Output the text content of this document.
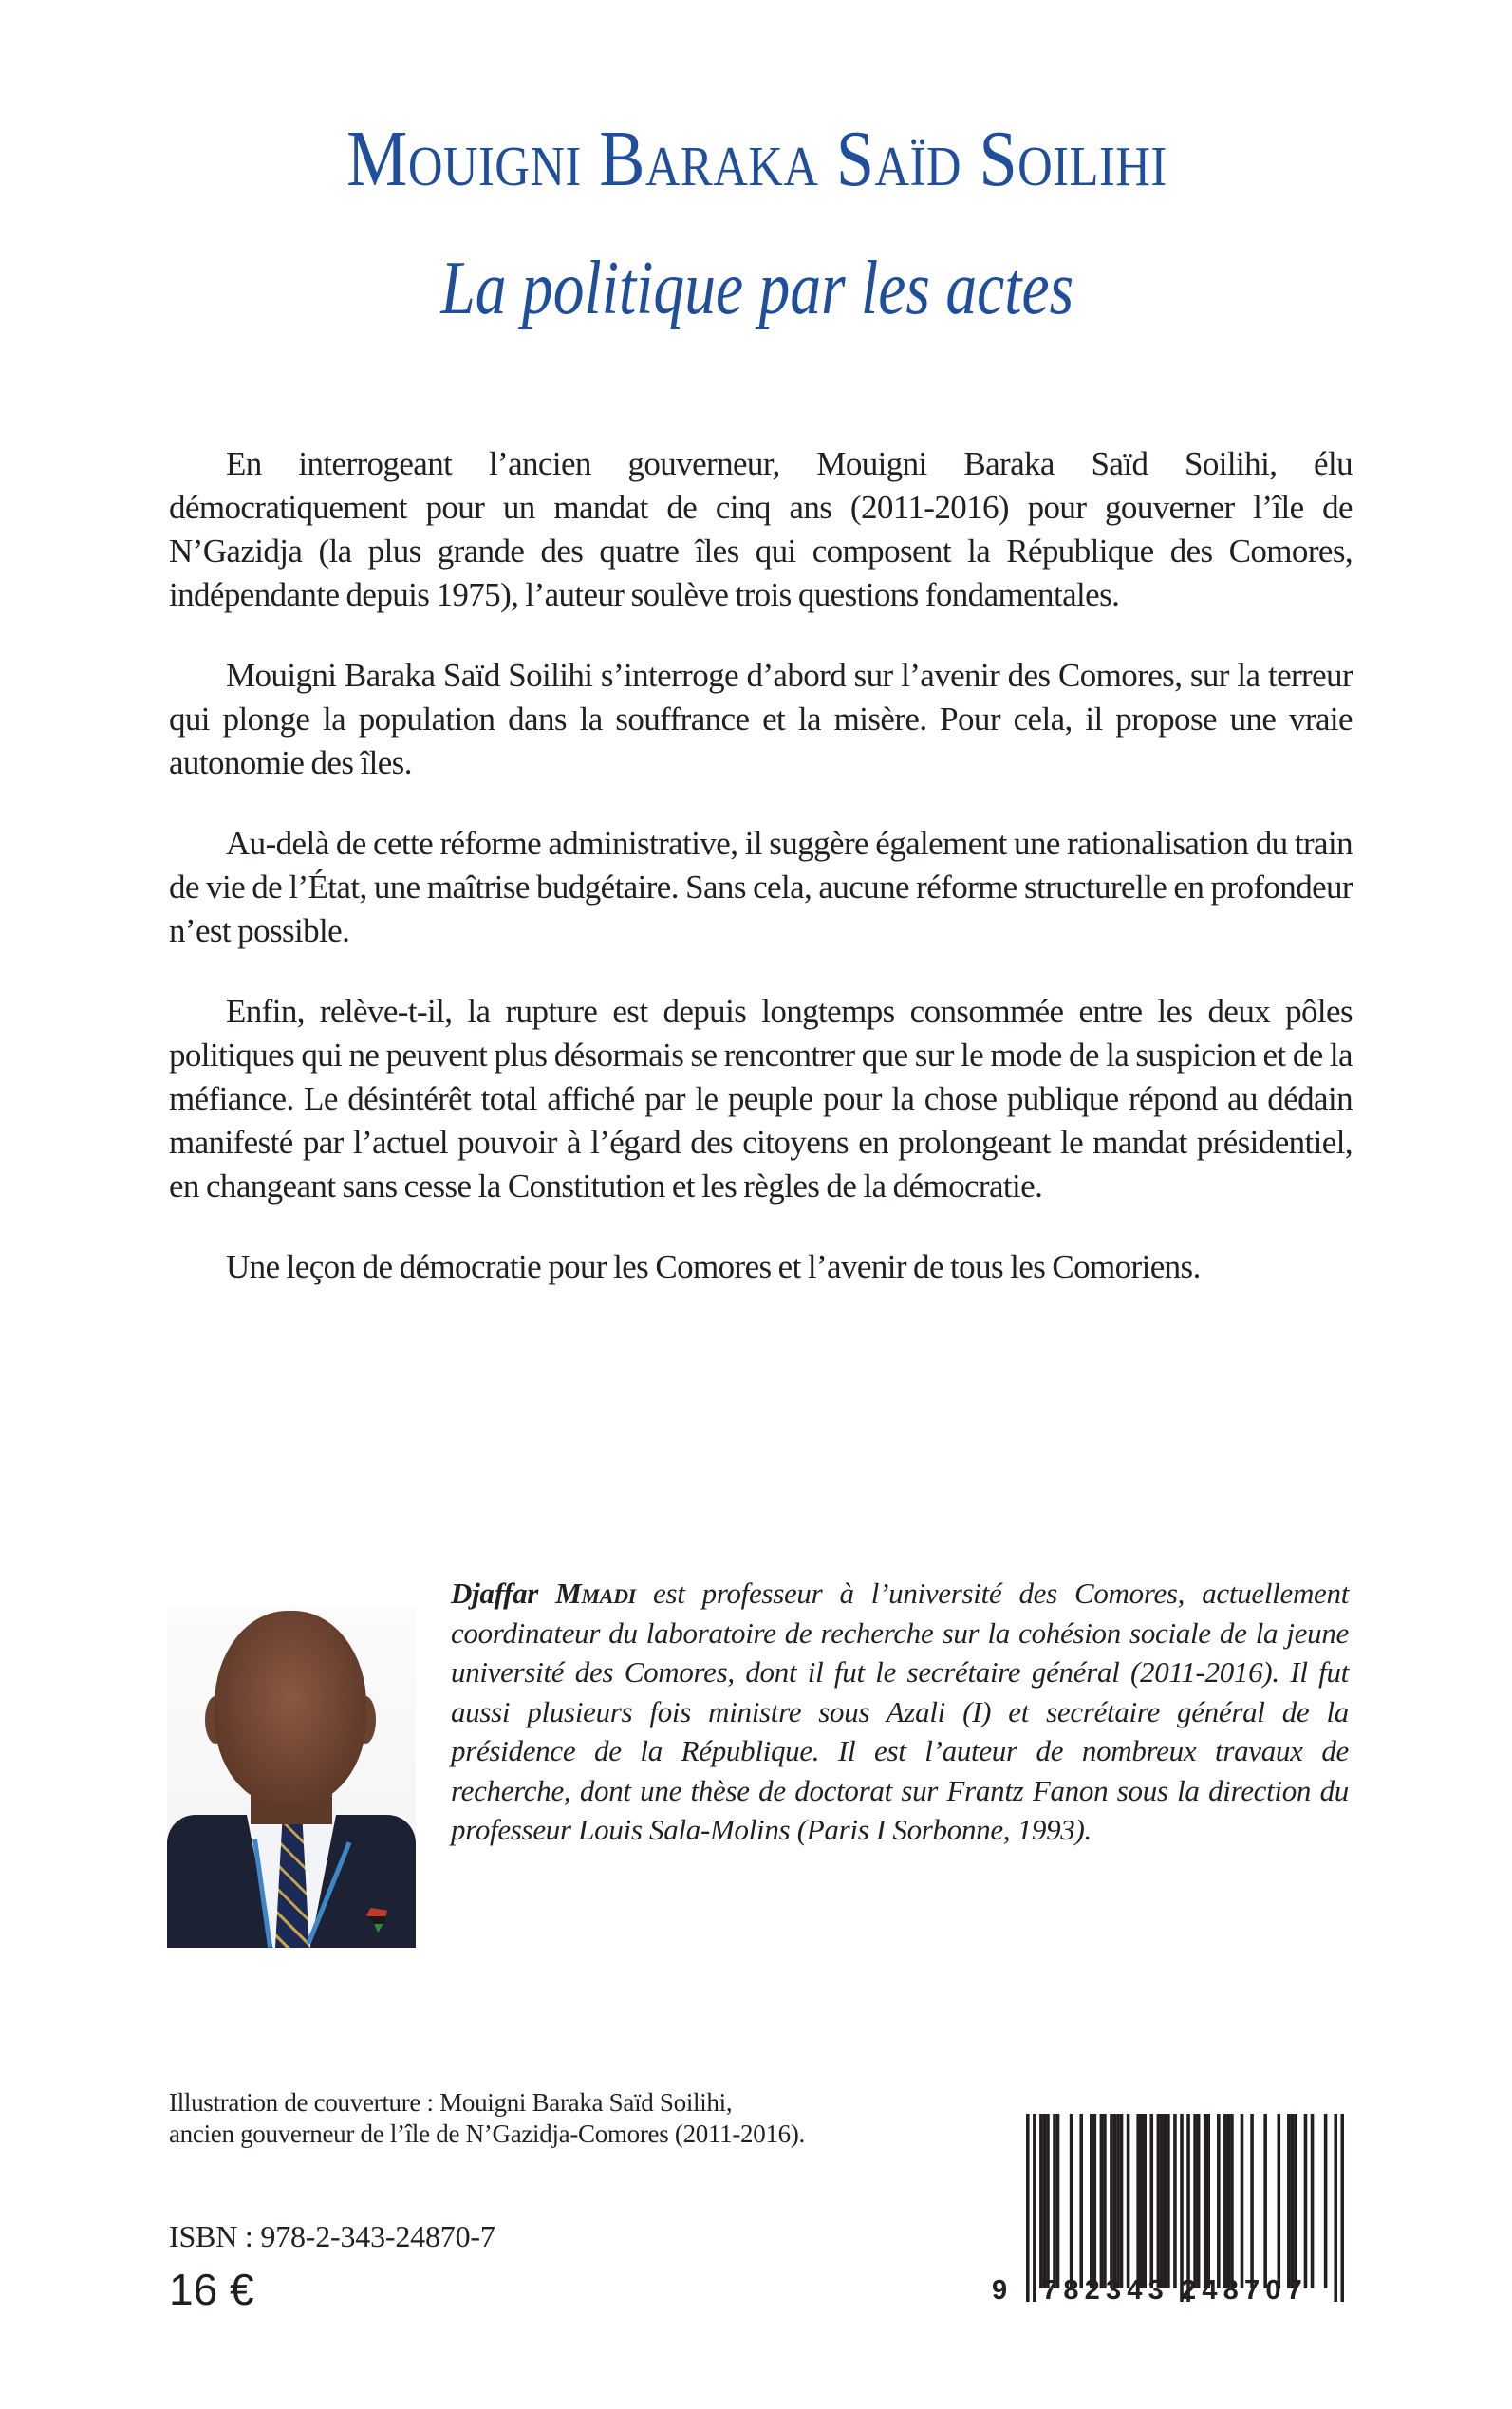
Mouigni Baraka Saïd Soilihi
La politique par les actes

En interrogeant l’ancien gouverneur, Mouigni Baraka Saïd Soilihi, élu démocratiquement pour un mandat de cinq ans (2011-2016) pour gouverner l’île de N’Gazidja (la plus grande des quatre îles qui composent la République des Comores, indépendante depuis 1975), l’auteur soulève trois questions fondamentales.

Mouigni Baraka Saïd Soilihi s’interroge d’abord sur l’avenir des Comores, sur la terreur qui plonge la population dans la souffrance et la misère. Pour cela, il propose une vraie autonomie des îles.

Au-delà de cette réforme administrative, il suggère également une rationalisation du train de vie de l’État, une maîtrise budgétaire. Sans cela, aucune réforme structurelle en profondeur n’est possible.

Enfin, relève-t-il, la rupture est depuis longtemps consommée entre les deux pôles politiques qui ne peuvent plus désormais se rencontrer que sur le mode de la suspicion et de la méfiance. Le désintérêt total affiché par le peuple pour la chose publique répond au dédain manifesté par l’actuel pouvoir à l’égard des citoyens en prolongeant le mandat présidentiel, en changeant sans cesse la Constitution et les règles de la démocratie.

Une leçon de démocratie pour les Comores et l’avenir de tous les Comoriens.

Djaffar Mmadi est professeur à l’université des Comores, actuellement coordinateur du laboratoire de recherche sur la cohésion sociale de la jeune université des Comores, dont il fut le secrétaire général (2011-2016). Il fut aussi plusieurs fois ministre sous Azali (I) et secrétaire général de la présidence de la République. Il est l’auteur de nombreux travaux de recherche, dont une thèse de doctorat sur Frantz Fanon sous la direction du professeur Louis Sala-Molins (Paris I Sorbonne, 1993).
Illustration de couverture : Mouigni Baraka Saïd Soilihi,
ancien gouverneur de l’île de N’Gazidja-Comores (2011-2016).
ISBN : 978-2-343-24870-7
16 €	9 782343 248707
